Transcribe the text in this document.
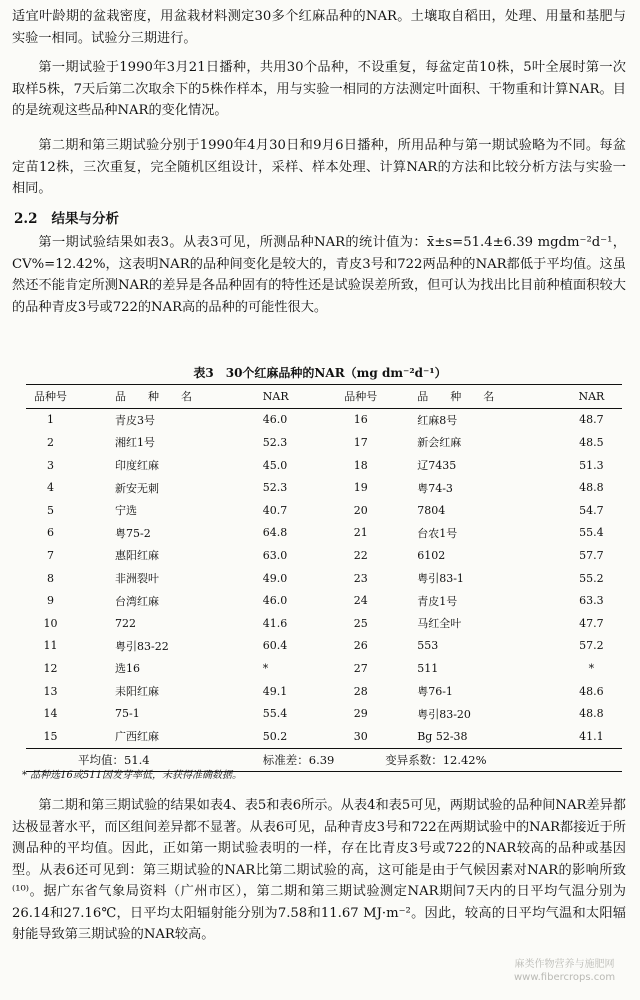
适宜叶龄期的盆栽密度，用盆栽材料测定30多个红麻品种的NAR。土壤取自稻田，处理、用量和基肥与实验一相同。试验分三期进行。

第一期试验于1990年3月21日播种，共用30个品种，不设重复，每盆定苗10株，5叶全展时第一次取样5株，7天后第二次取余下的5株作样本，用与实验一相同的方法测定叶面积、干物重和计算NAR。目的是统观这些品种NAR的变化情况。

第二期和第三期试验分别于1990年4月30日和9月6日播种，所用品种与第一期试验略为不同。每盆定苗12株，三次重复，完全随机区组设计，采样、样本处理、计算NAR的方法和比较分析方法与实验一相同。

2.2 结果与分析

第一期试验结果如表3。从表3可见，所测品种NAR的统计值为：x̄±s=51.4±6.39 mgdm⁻²d⁻¹，CV%=12.42%，这表明NAR的品种间变化是较大的，青皮3号和722两品种的NAR都低于平均值。这虽然还不能肯定所测NAR的差异是各品种固有的特性还是试验误差所致，但可认为找出比目前种植面积较大的品种青皮3号或722的NAR高的品种的可能性很大。

表3　30个红麻品种的NAR（mg dm⁻²d⁻¹）
品种号	品种名	NAR	品种号	品种名	NAR
1	青皮3号	46.0	16	红麻8号	48.7
2	湘红1号	52.3	17	新会红麻	48.5
3	印度红麻	45.0	18	辽7435	51.3
4	新安无刺	52.3	19	粤74-3	48.8
5	宁选	40.7	20	7804	54.7
6	粤75-2	64.8	21	台农1号	55.4
7	惠阳红麻	63.0	22	6102	57.7
8	非洲裂叶	49.0	23	粤引83-1	55.2
9	台湾红麻	46.0	24	青皮1号	63.3
10	722	41.6	25	马红全叶	47.7
11	粤引83-22	60.4	26	553	57.2
12	选16	*	27	511	*
13	耒阳红麻	49.1	28	粤76-1	48.6
14	75-1	55.4	29	粤引83-20	48.8
15	广西红麻	50.2	30	Bg 52-38	41.1
平均值：51.4		标准差：6.39		变异系数：12.42%	
* 品种选16或511因发芽率低，未获得准确数据。

第二期和第三期试验的结果如表4、表5和表6所示。从表4和表5可见，两期试验的品种间NAR差异都达极显著水平，而区组间差异都不显著。从表6可见，品种青皮3号和722在两期试验中的NAR都接近于所测品种的平均值。因此，正如第一期试验表明的一样，存在比青皮3号或722的NAR较高的品种或基因型。从表6还可见到：第三期试验的NAR比第二期试验的高，这可能是由于气候因素对NAR的影响所致⁽¹⁰⁾。据广东省气象局资料（广州市区），第二期和第三期试验测定NAR期间7天内的日平均气温分别为26.14和27.16℃，日平均太阳辐射能分别为7.58和11.67 MJ·m⁻²。因此，较高的日平均气温和太阳辐射能导致第三期试验的NAR较高。

麻类作物营养与施肥网
www.fibercrops.com
